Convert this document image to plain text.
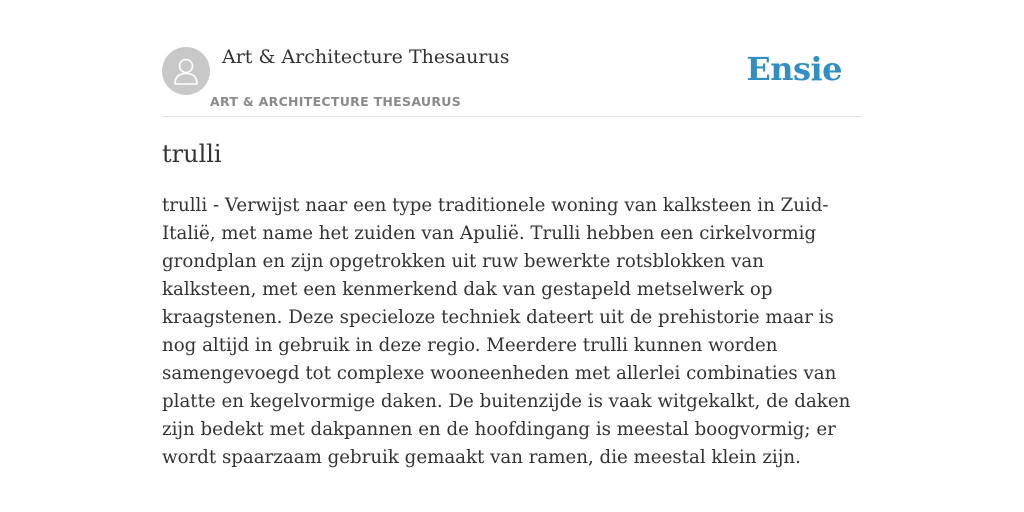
Art & Architecture Thesaurus
ART & ARCHITECTURE THESAURUS
Ensie
trulli

trulli - Verwijst naar een type traditionele woning van kalksteen in Zuid-Italië, met name het zuiden van Apulië. Trulli hebben een cirkelvormig grondplan en zijn opgetrokken uit ruw bewerkte rotsblokken van kalksteen, met een kenmerkend dak van gestapeld metselwerk op kraagstenen. Deze specieloze techniek dateert uit de prehistorie maar is nog altijd in gebruik in deze regio. Meerdere trulli kunnen worden samengevoegd tot complexe wooneenheden met allerlei combinaties van platte en kegelvormige daken. De buitenzijde is vaak witgekalkt, de daken zijn bedekt met dakpannen en de hoofdingang is meestal boogvormig; er wordt spaarzaam gebruik gemaakt van ramen, die meestal klein zijn.
